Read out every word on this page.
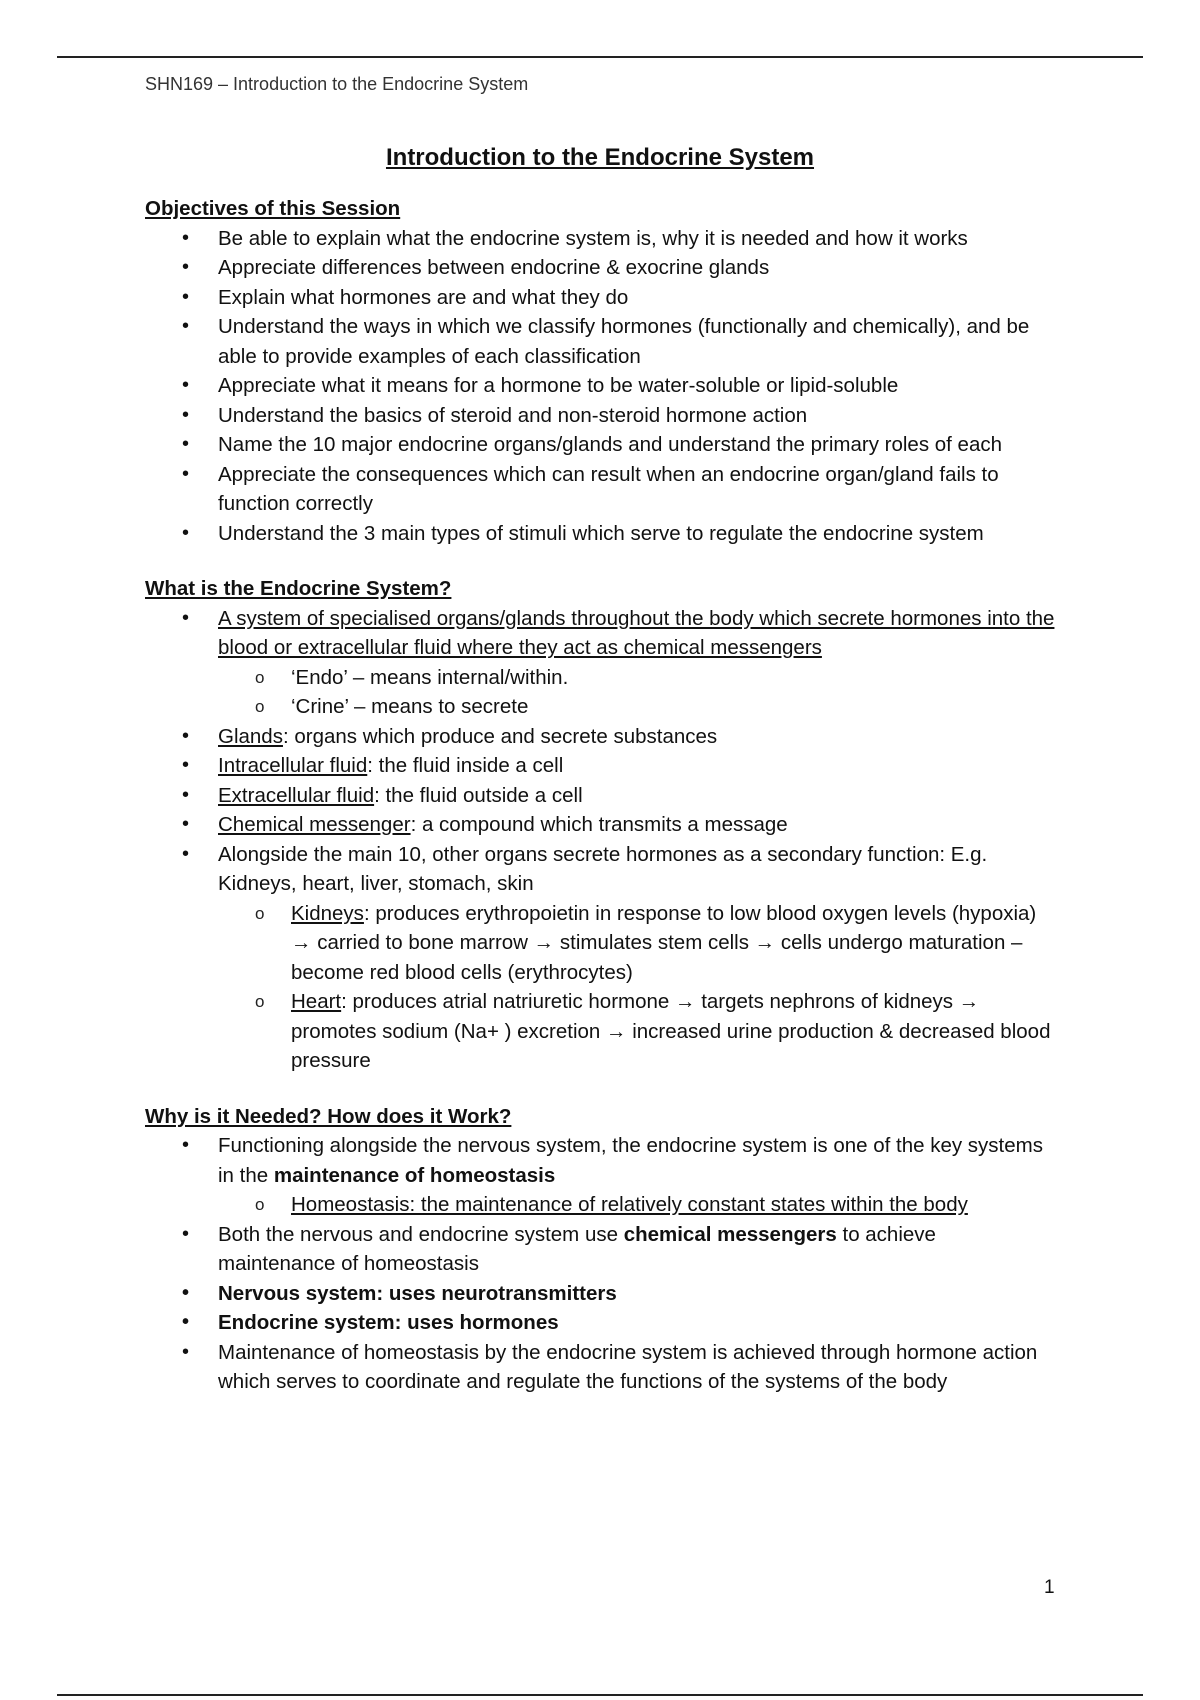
SHN169 – Introduction to the Endocrine System

Introduction to the Endocrine System
Objectives of this Session
• Be able to explain what the endocrine system is, why it is needed and how it works
• Appreciate differences between endocrine & exocrine glands
• Explain what hormones are and what they do
• Understand the ways in which we classify hormones (functionally and chemically), and be able to provide examples of each classification
• Appreciate what it means for a hormone to be water-soluble or lipid-soluble
• Understand the basics of steroid and non-steroid hormone action
• Name the 10 major endocrine organs/glands and understand the primary roles of each
• Appreciate the consequences which can result when an endocrine organ/gland fails to function correctly
• Understand the 3 main types of stimuli which serve to regulate the endocrine system
What is the Endocrine System?
• A system of specialised organs/glands throughout the body which secrete hormones into the blood or extracellular fluid where they act as chemical messengers
o ‘Endo’ – means internal/within.
o ‘Crine’ – means to secrete
• Glands: organs which produce and secrete substances
• Intracellular fluid: the fluid inside a cell
• Extracellular fluid: the fluid outside a cell
• Chemical messenger: a compound which transmits a message
• Alongside the main 10, other organs secrete hormones as a secondary function: E.g. Kidneys, heart, liver, stomach, skin
o Kidneys: produces erythropoietin in response to low blood oxygen levels (hypoxia) → carried to bone marrow → stimulates stem cells → cells undergo maturation – become red blood cells (erythrocytes)
o Heart: produces atrial natriuretic hormone → targets nephrons of kidneys → promotes sodium (Na+ ) excretion → increased urine production & decreased blood pressure
Why is it Needed? How does it Work?
• Functioning alongside the nervous system, the endocrine system is one of the key systems in the maintenance of homeostasis
o Homeostasis: the maintenance of relatively constant states within the body
• Both the nervous and endocrine system use chemical messengers to achieve maintenance of homeostasis
• Nervous system: uses neurotransmitters
• Endocrine system: uses hormones
• Maintenance of homeostasis by the endocrine system is achieved through hormone action which serves to coordinate and regulate the functions of the systems of the body

1
